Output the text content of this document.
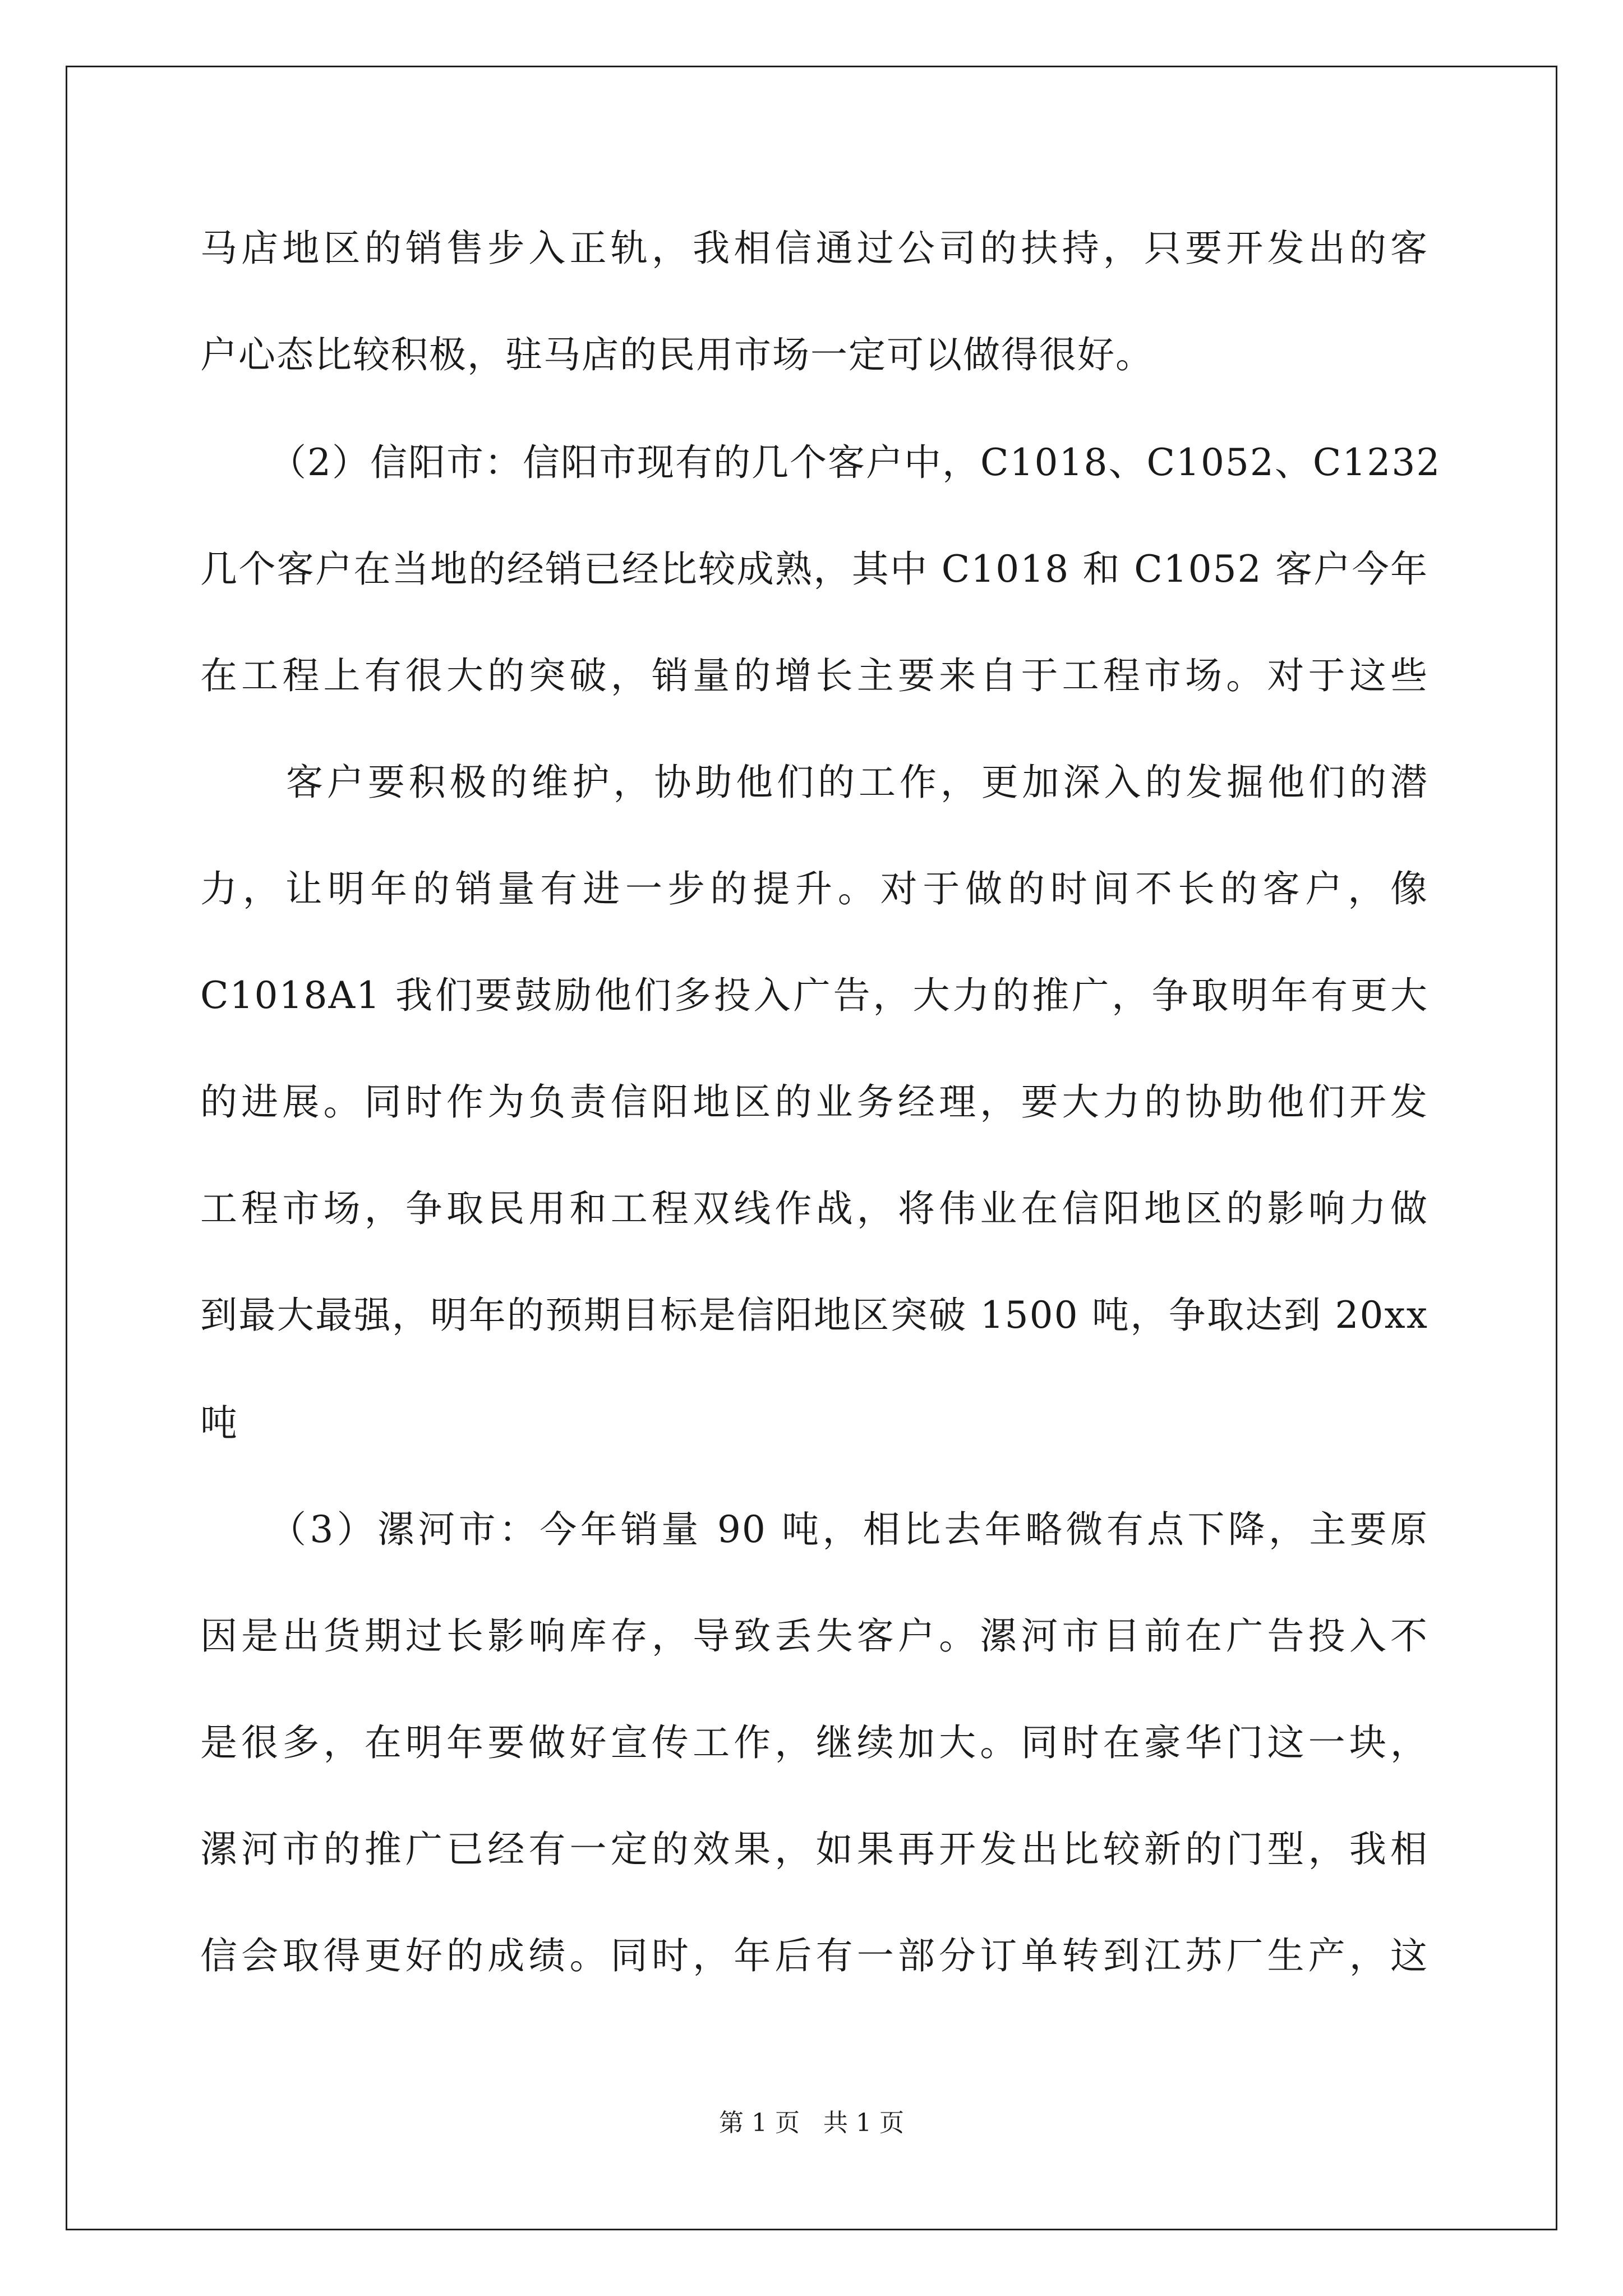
马店地区的销售步入正轨，我相信通过公司的扶持，只要开发出的客
户心态比较积极，驻马店的民用市场一定可以做得很好。
（2）信阳市：信阳市现有的几个客户中，C1018、C1052、C1232
几个客户在当地的经销已经比较成熟，其中 C1018 和 C1052 客户今年
在工程上有很大的突破，销量的增长主要来自于工程市场。对于这些
客户要积极的维护，协助他们的工作，更加深入的发掘他们的潜
力，让明年的销量有进一步的提升。对于做的时间不长的客户，像
C1018A1 我们要鼓励他们多投入广告，大力的推广，争取明年有更大
的进展。同时作为负责信阳地区的业务经理，要大力的协助他们开发
工程市场，争取民用和工程双线作战，将伟业在信阳地区的影响力做
到最大最强，明年的预期目标是信阳地区突破 1500 吨，争取达到 20xx
吨
（3）漯河市：今年销量 90 吨，相比去年略微有点下降，主要原
因是出货期过长影响库存，导致丢失客户。漯河市目前在广告投入不
是很多，在明年要做好宣传工作，继续加大。同时在豪华门这一块，
漯河市的推广已经有一定的效果，如果再开发出比较新的门型，我相
信会取得更好的成绩。同时，年后有一部分订单转到江苏厂生产，这
第 1 页   共 1 页
